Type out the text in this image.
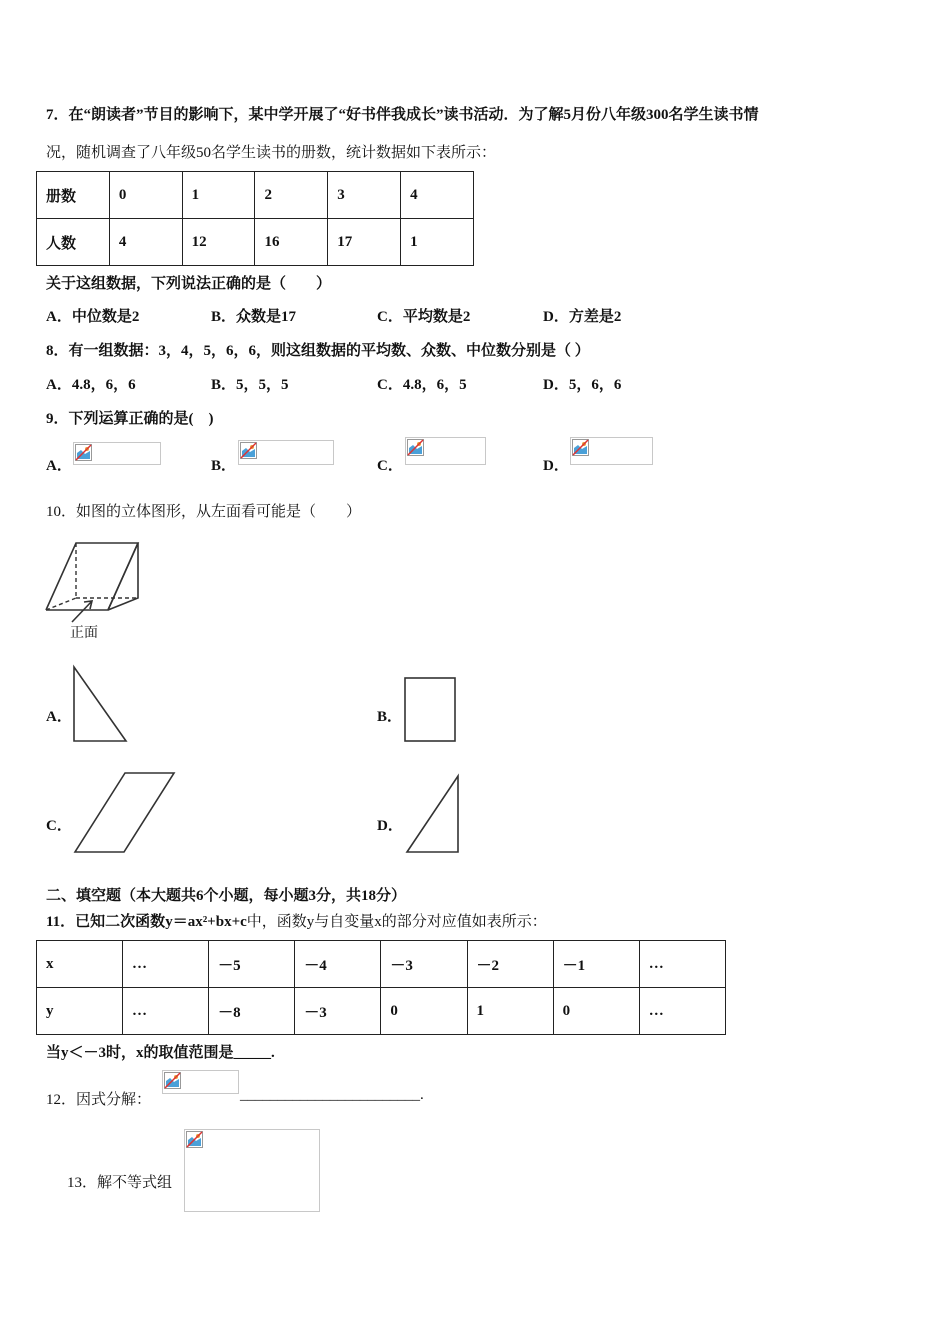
7．在“朗读者”节目的影响下，某中学开展了“好书伴我成长”读书活动．为了解5月份八年级300名学生读书情
况，随机调查了八年级50名学生读书的册数，统计数据如下表所示：
册数	0	1	2	3	4
人数	4	12	16	17	1
关于这组数据，下列说法正确的是（　　）
A．中位数是2	B．众数是17	C．平均数是2	D．方差是2
8．有一组数据：3，4，5，6，6，则这组数据的平均数、众数、中位数分别是（ ）
A．4.8，6，6	B．5，5，5	C．4.8，6，5	D．5，6，6
9．下列运算正确的是(　)
A．	B．	C．	D．
10．如图的立体图形，从左面看可能是（　　）
正面
A．	B．
C．	D．
二、填空题（本大题共6个小题，每小题3分，共18分）
11．已知二次函数y＝ax²+bx+c中，函数y与自变量x的部分对应值如表所示：
x	…	－5	－4	－3	－2	－1	…
y	…	－8	－3	0	1	0	…
当y＜－3时，x的取值范围是_____.
12．因式分解：	________________________.
13．解不等式组
